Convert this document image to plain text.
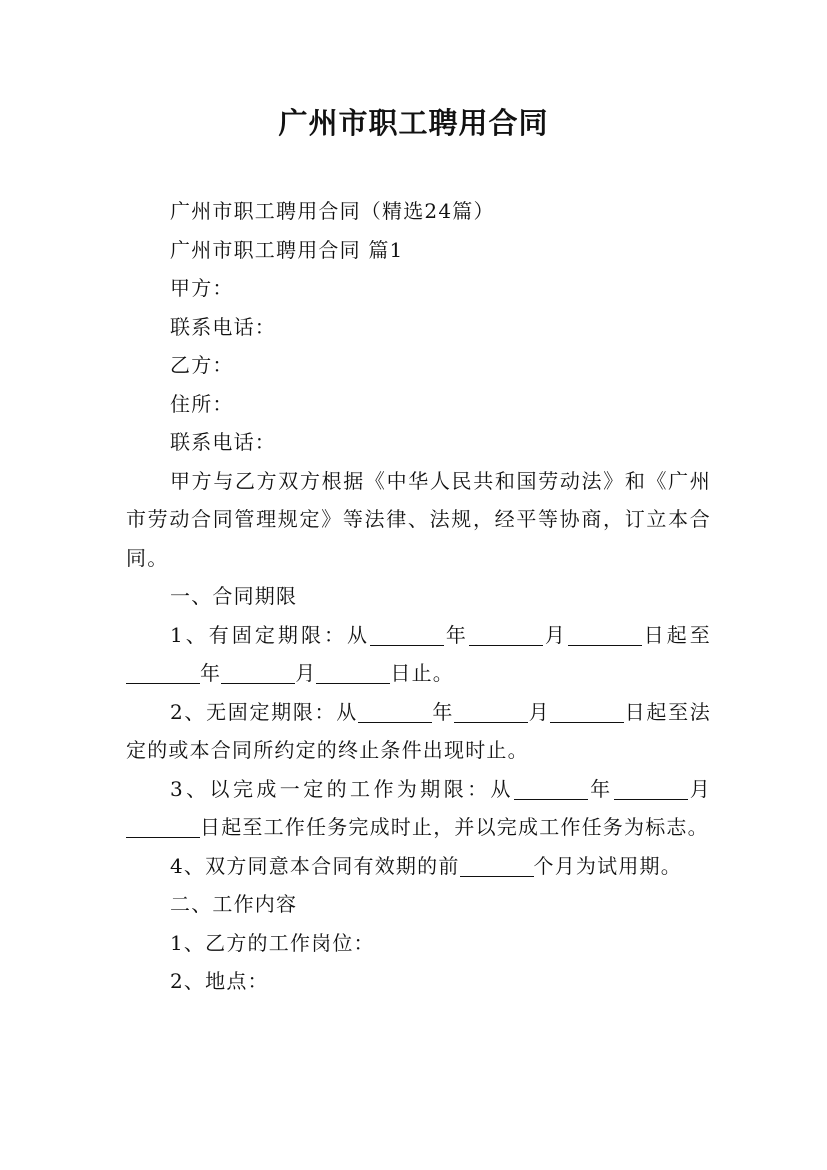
广州市职工聘用合同

广州市职工聘用合同（精选24篇）

广州市职工聘用合同 篇1

甲方：

联系电话：

乙方：

住所：

联系电话：

甲方与乙方双方根据《中华人民共和国劳动法》和《广州市劳动合同管理规定》等法律、法规，经平等协商，订立本合同。

一、合同期限

1、有固定期限：从	年	月	日起至年	月	日止。

2、无固定期限：从	年	月	日起至法定的或本合同所约定的终止条件出现时止。

3、以完成一定的工作为期限：从	年	月日起至工作任务完成时止，并以完成工作任务为标志。

4、双方同意本合同有效期的前	个月为试用期。

二、工作内容

1、乙方的工作岗位：

2、地点：
